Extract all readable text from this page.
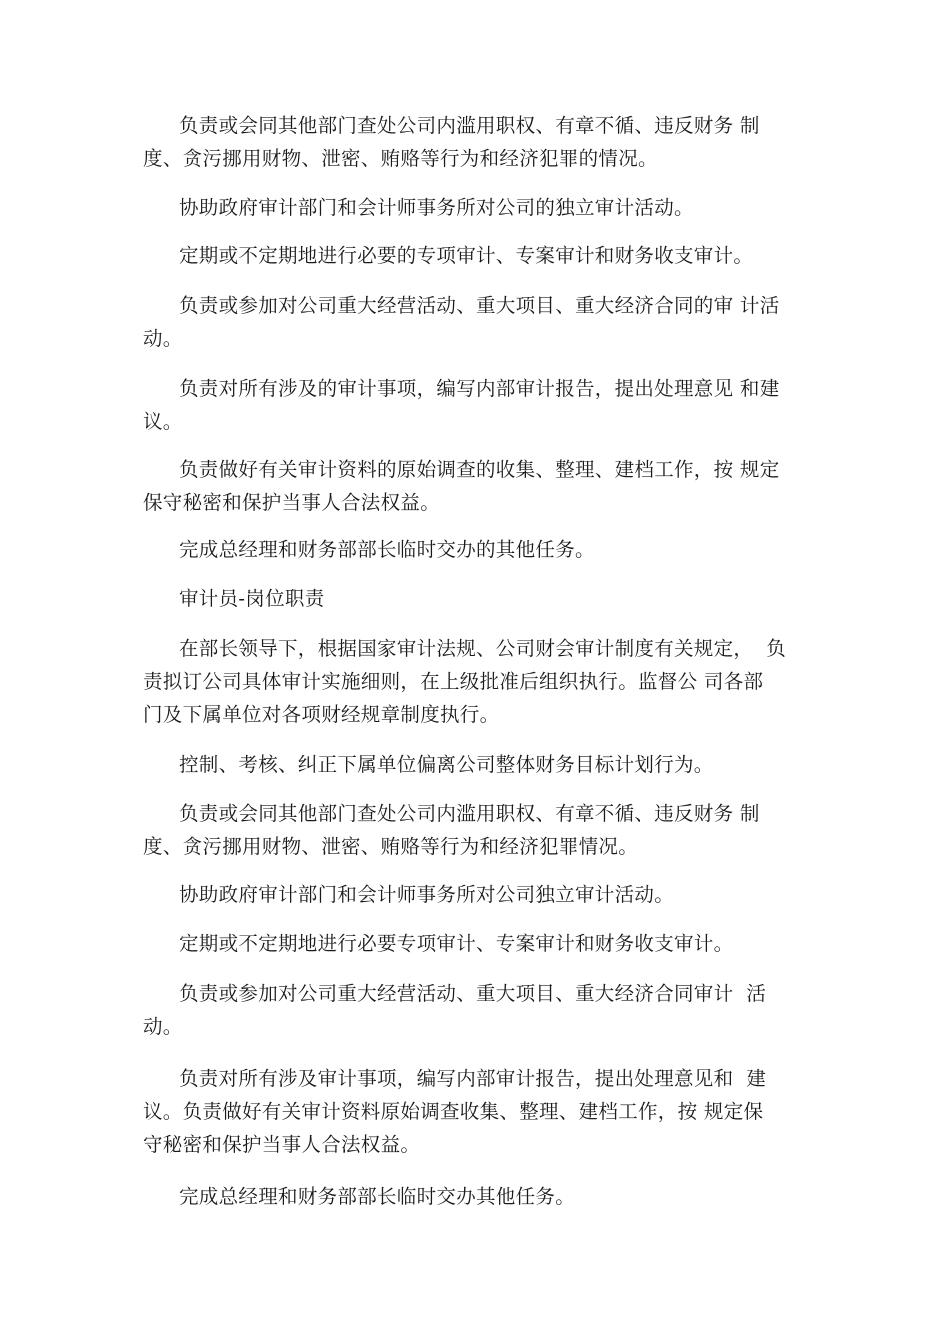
负责或会同其他部门查处公司内滥用职权、有章不循、违反财务 制
度、贪污挪用财物、泄密、贿赂等行为和经济犯罪的情况。

协助政府审计部门和会计师事务所对公司的独立审计活动。

定期或不定期地进行必要的专项审计、专案审计和财务收支审计。

负责或参加对公司重大经营活动、重大项目、重大经济合同的审 计活
动。

负责对所有涉及的审计事项，编写内部审计报告，提出处理意见 和建
议。

负责做好有关审计资料的原始调查的收集、整理、建档工作，按 规定
保守秘密和保护当事人合法权益。

完成总经理和财务部部长临时交办的其他任务。

审计员-岗位职责

在部长领导下，根据国家审计法规、公司财会审计制度有关规定，  负
责拟订公司具体审计实施细则，在上级批准后组织执行。监督公 司各部
门及下属单位对各项财经规章制度执行。

控制、考核、纠正下属单位偏离公司整体财务目标计划行为。

负责或会同其他部门查处公司内滥用职权、有章不循、违反财务 制
度、贪污挪用财物、泄密、贿赂等行为和经济犯罪情况。

协助政府审计部门和会计师事务所对公司独立审计活动。

定期或不定期地进行必要专项审计、专案审计和财务收支审计。

负责或参加对公司重大经营活动、重大项目、重大经济合同审计  活
动。

负责对所有涉及审计事项，编写内部审计报告，提出处理意见和  建
议。负责做好有关审计资料原始调查收集、整理、建档工作，按 规定保
守秘密和保护当事人合法权益。

完成总经理和财务部部长临时交办其他任务。
